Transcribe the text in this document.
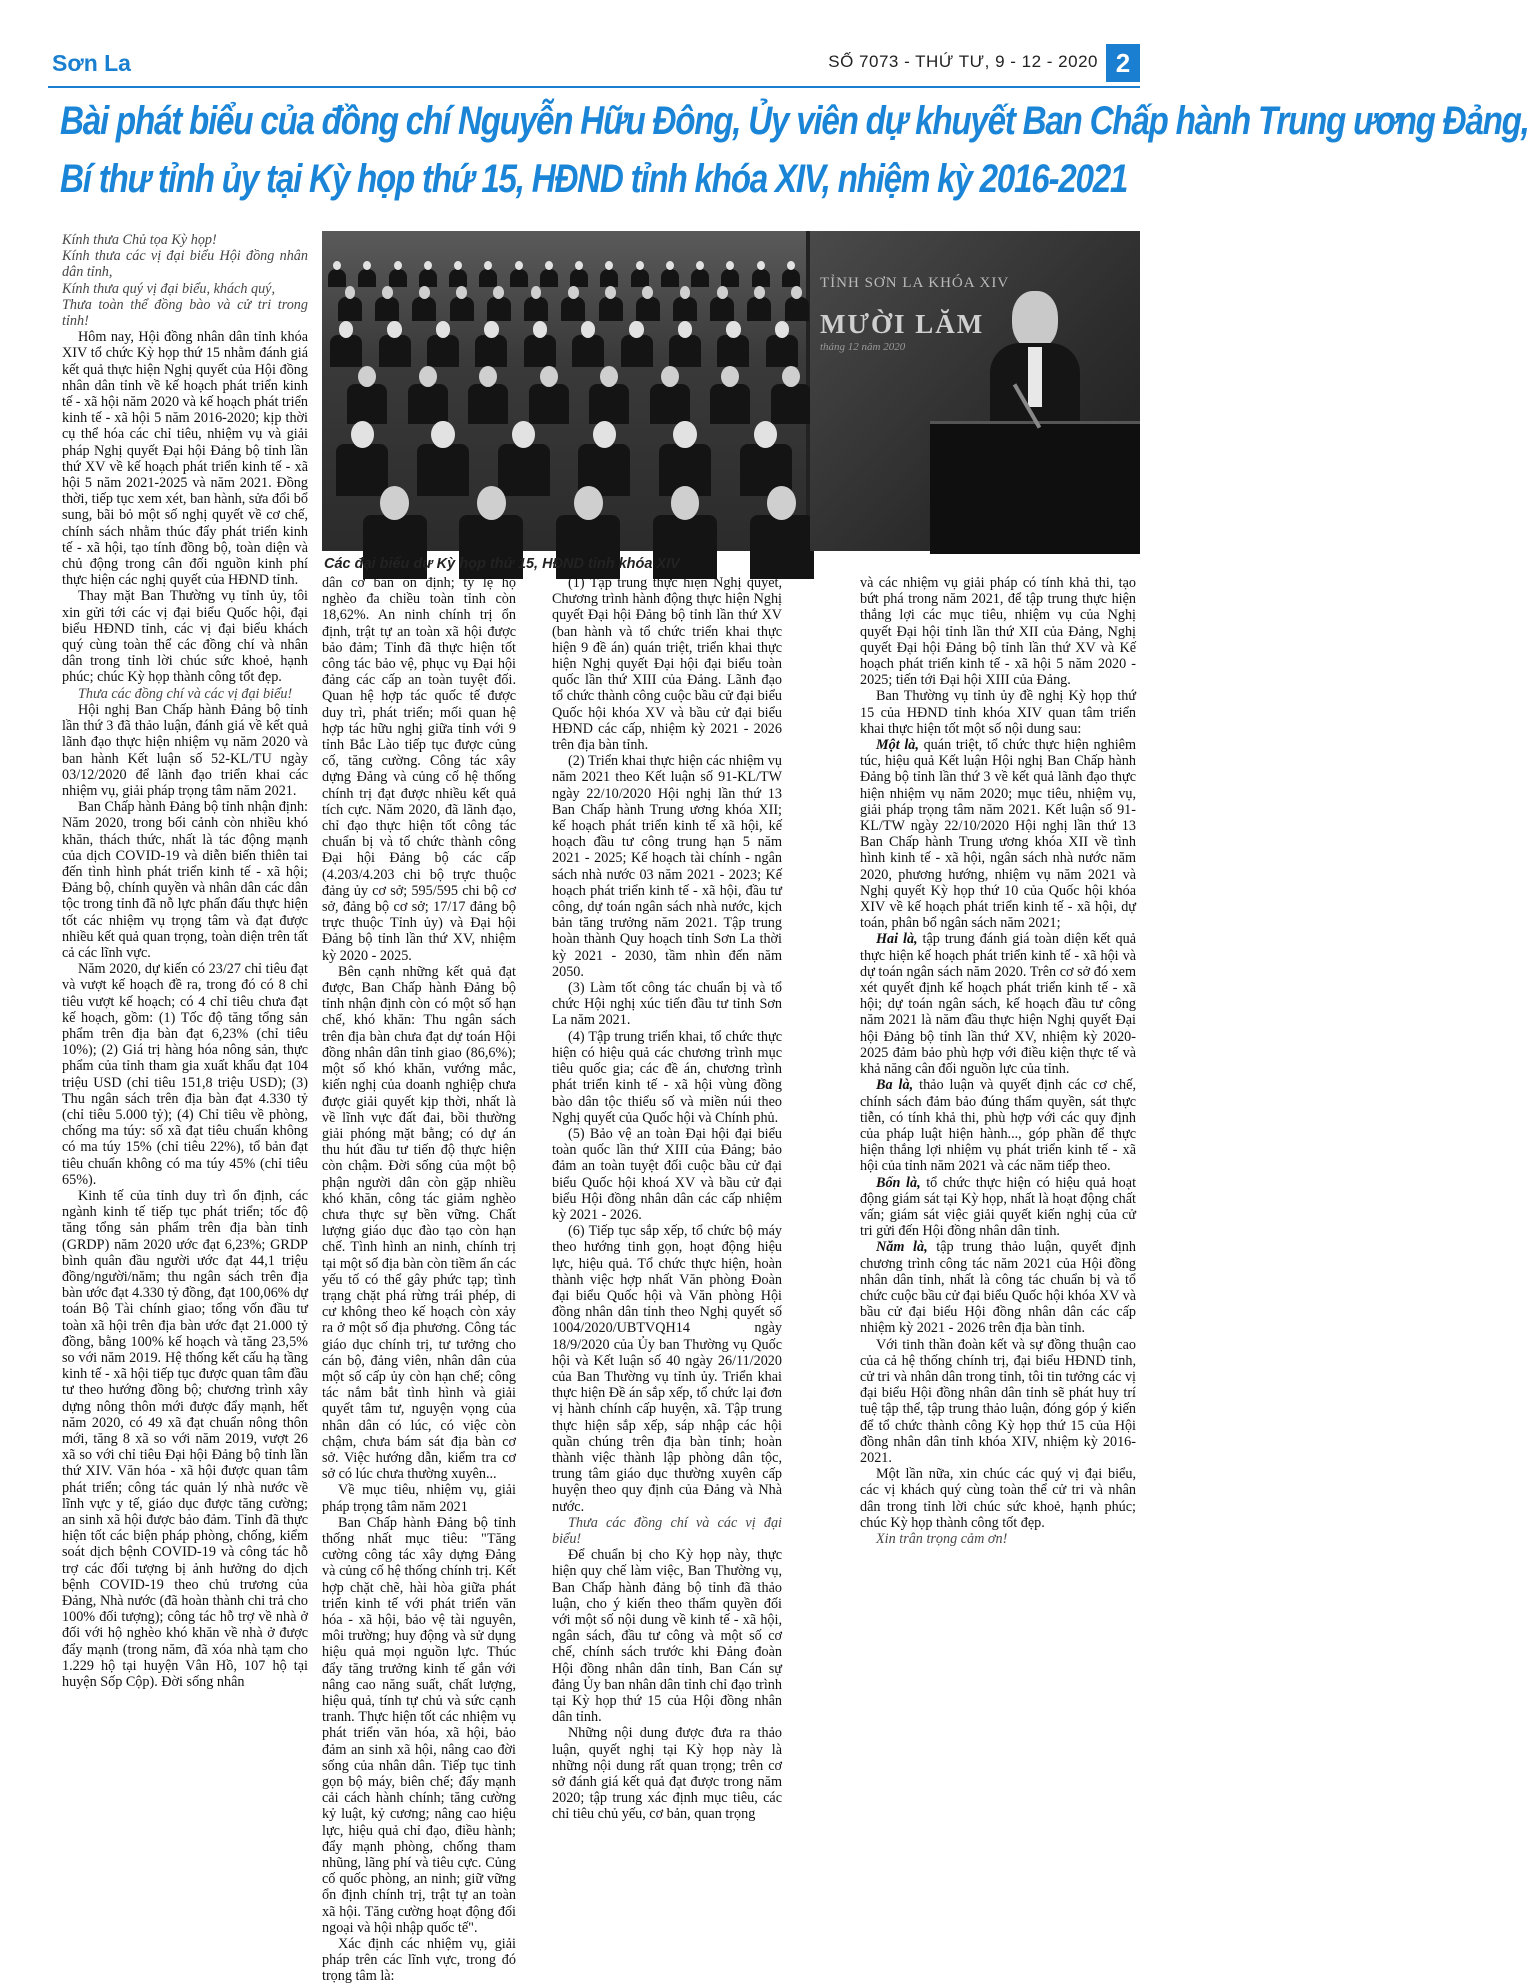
Sơn La	SỐ 7073 - THỨ TƯ, 9 - 12 - 2020 2
Bài phát biểu của đồng chí Nguyễn Hữu Đông, Ủy viên dự khuyết Ban Chấp hành Trung ương Đảng,
Bí thư tỉnh ủy tại Kỳ họp thứ 15, HĐND tỉnh khóa XIV, nhiệm kỳ 2016-2021
TỈNH SƠN LA KHÓA XIV
MƯỜI LĂM
tháng 12 năm 2020
Các đại biểu dự Kỳ họp thứ 15, HĐND tỉnh khóa XIV

Kính thưa Chủ tọa Kỳ họp!

Kính thưa các vị đại biểu Hội đồng nhân dân tỉnh,

Kính thưa quý vị đại biểu, khách quý,

Thưa toàn thể đồng bào và cử tri trong tỉnh!

Hôm nay, Hội đồng nhân dân tỉnh khóa XIV tổ chức Kỳ họp thứ 15 nhằm đánh giá kết quả thực hiện Nghị quyết của Hội đồng nhân dân tỉnh về kế hoạch phát triển kinh tế - xã hội năm 2020 và kế hoạch phát triển kinh tế - xã hội 5 năm 2016-2020; kịp thời cụ thể hóa các chỉ tiêu, nhiệm vụ và giải pháp Nghị quyết Đại hội Đảng bộ tỉnh lần thứ XV về kế hoạch phát triển kinh tế - xã hội 5 năm 2021-2025 và năm 2021. Đồng thời, tiếp tục xem xét, ban hành, sửa đổi bổ sung, bãi bỏ một số nghị quyết về cơ chế, chính sách nhằm thúc đẩy phát triển kinh tế - xã hội, tạo tính đồng bộ, toàn diện và chủ động trong cân đối nguồn kinh phí thực hiện các nghị quyết của HĐND tỉnh.

Thay mặt Ban Thường vụ tỉnh ủy, tôi xin gửi tới các vị đại biểu Quốc hội, đại biểu HĐND tỉnh, các vị đại biểu khách quý cùng toàn thể các đồng chí và nhân dân trong tỉnh lời chúc sức khoẻ, hạnh phúc; chúc Kỳ họp thành công tốt đẹp.

Thưa các đồng chí và các vị đại biểu!

Hội nghị Ban Chấp hành Đảng bộ tỉnh lần thứ 3 đã thảo luận, đánh giá về kết quả lãnh đạo thực hiện nhiệm vụ năm 2020 và ban hành Kết luận số 52-KL/TU ngày 03/12/2020 để lãnh đạo triển khai các nhiệm vụ, giải pháp trọng tâm năm 2021.

Ban Chấp hành Đảng bộ tỉnh nhận định: Năm 2020, trong bối cảnh còn nhiều khó khăn, thách thức, nhất là tác động mạnh của dịch COVID-19 và diễn biến thiên tai đến tình hình phát triển kinh tế - xã hội; Đảng bộ, chính quyền và nhân dân các dân tộc trong tỉnh đã nỗ lực phấn đấu thực hiện tốt các nhiệm vụ trọng tâm và đạt được nhiều kết quả quan trọng, toàn diện trên tất cả các lĩnh vực.

Năm 2020, dự kiến có 23/27 chỉ tiêu đạt và vượt kế hoạch đề ra, trong đó có 8 chỉ tiêu vượt kế hoạch; có 4 chỉ tiêu chưa đạt kế hoạch, gồm: (1) Tốc độ tăng tổng sản phẩm trên địa bàn đạt 6,23% (chỉ tiêu 10%); (2) Giá trị hàng hóa nông sản, thực phẩm của tỉnh tham gia xuất khẩu đạt 104 triệu USD (chỉ tiêu 151,8 triệu USD); (3) Thu ngân sách trên địa bàn đạt 4.330 tỷ (chỉ tiêu 5.000 tỷ); (4) Chỉ tiêu về phòng, chống ma túy: số xã đạt tiêu chuẩn không có ma túy 15% (chỉ tiêu 22%), tổ bản đạt tiêu chuẩn không có ma túy 45% (chỉ tiêu 65%).

Kinh tế của tỉnh duy trì ổn định, các ngành kinh tế tiếp tục phát triển; tốc độ tăng tổng sản phẩm trên địa bàn tỉnh (GRDP) năm 2020 ước đạt 6,23%; GRDP bình quân đầu người ước đạt 44,1 triệu đồng/người/năm; thu ngân sách trên địa bàn ước đạt 4.330 tỷ đồng, đạt 100,06% dự toán Bộ Tài chính giao; tổng vốn đầu tư toàn xã hội trên địa bàn ước đạt 21.000 tỷ đồng, bằng 100% kế hoạch và tăng 23,5% so với năm 2019. Hệ thống kết cấu hạ tầng kinh tế - xã hội tiếp tục được quan tâm đầu tư theo hướng đồng bộ; chương trình xây dựng nông thôn mới được đẩy mạnh, hết năm 2020, có 49 xã đạt chuẩn nông thôn mới, tăng 8 xã so với năm 2019, vượt 26 xã so với chỉ tiêu Đại hội Đảng bộ tỉnh lần thứ XIV. Văn hóa - xã hội được quan tâm phát triển; công tác quản lý nhà nước về lĩnh vực y tế, giáo dục được tăng cường; an sinh xã hội được bảo đảm. Tỉnh đã thực hiện tốt các biện pháp phòng, chống, kiểm soát dịch bệnh COVID-19 và công tác hỗ trợ các đối tượng bị ảnh hưởng do dịch bệnh COVID-19 theo chủ trương của Đảng, Nhà nước (đã hoàn thành chi trả cho 100% đối tượng); công tác hỗ trợ về nhà ở đối với hộ nghèo khó khăn về nhà ở được đẩy mạnh (trong năm, đã xóa nhà tạm cho 1.229 hộ tại huyện Vân Hồ, 107 hộ tại huyện Sốp Cộp). Đời sống nhân

dân cơ bản ổn định; tỷ lệ hộ nghèo đa chiều toàn tỉnh còn 18,62%. An ninh chính trị ổn định, trật tự an toàn xã hội được bảo đảm; Tỉnh đã thực hiện tốt công tác bảo vệ, phục vụ Đại hội đảng các cấp an toàn tuyệt đối. Quan hệ hợp tác quốc tế được duy trì, phát triển; mối quan hệ hợp tác hữu nghị giữa tỉnh với 9 tỉnh Bắc Lào tiếp tục được củng cố, tăng cường. Công tác xây dựng Đảng và củng cố hệ thống chính trị đạt được nhiều kết quả tích cực. Năm 2020, đã lãnh đạo, chỉ đạo thực hiện tốt công tác chuẩn bị và tổ chức thành công Đại hội Đảng bộ các cấp (4.203/4.203 chi bộ trực thuộc đảng ủy cơ sở; 595/595 chi bộ cơ sở, đảng bộ cơ sở; 17/17 đảng bộ trực thuộc Tỉnh ủy) và Đại hội Đảng bộ tỉnh lần thứ XV, nhiệm kỳ 2020 - 2025.

Bên cạnh những kết quả đạt được, Ban Chấp hành Đảng bộ tỉnh nhận định còn có một số hạn chế, khó khăn: Thu ngân sách trên địa bàn chưa đạt dự toán Hội đồng nhân dân tỉnh giao (86,6%); một số khó khăn, vướng mắc, kiến nghị của doanh nghiệp chưa được giải quyết kịp thời, nhất là về lĩnh vực đất đai, bồi thường giải phóng mặt bằng; có dự án thu hút đầu tư tiến độ thực hiện còn chậm. Đời sống của một bộ phận người dân còn gặp nhiều khó khăn, công tác giảm nghèo chưa thực sự bền vững. Chất lượng giáo dục đào tạo còn hạn chế. Tình hình an ninh, chính trị tại một số địa bàn còn tiềm ẩn các yếu tố có thể gây phức tạp; tình trạng chặt phá rừng trái phép, di cư không theo kế hoạch còn xảy ra ở một số địa phương. Công tác giáo dục chính trị, tư tưởng cho cán bộ, đảng viên, nhân dân của một số cấp ủy còn hạn chế; công tác nắm bắt tình hình và giải quyết tâm tư, nguyện vọng của nhân dân có lúc, có việc còn chậm, chưa bám sát địa bàn cơ sở. Việc hướng dẫn, kiểm tra cơ sở có lúc chưa thường xuyên...

Về mục tiêu, nhiệm vụ, giải pháp trọng tâm năm 2021

Ban Chấp hành Đảng bộ tỉnh thống nhất mục tiêu: "Tăng cường công tác xây dựng Đảng và củng cố hệ thống chính trị. Kết hợp chặt chẽ, hài hòa giữa phát triển kinh tế với phát triển văn hóa - xã hội, bảo vệ tài nguyên, môi trường; huy động và sử dụng hiệu quả mọi nguồn lực. Thúc đẩy tăng trưởng kinh tế gắn với nâng cao năng suất, chất lượng, hiệu quả, tính tự chủ và sức cạnh tranh. Thực hiện tốt các nhiệm vụ phát triển văn hóa, xã hội, bảo đảm an sinh xã hội, nâng cao đời sống của nhân dân. Tiếp tục tinh gọn bộ máy, biên chế; đẩy mạnh cải cách hành chính; tăng cường kỷ luật, kỷ cương; nâng cao hiệu lực, hiệu quả chỉ đạo, điều hành; đẩy mạnh phòng, chống tham nhũng, lãng phí và tiêu cực. Củng cố quốc phòng, an ninh; giữ vững ổn định chính trị, trật tự an toàn xã hội. Tăng cường hoạt động đối ngoại và hội nhập quốc tế".

Xác định các nhiệm vụ, giải pháp trên các lĩnh vực, trong đó trọng tâm là:

(1) Tập trung thực hiện Nghị quyết, Chương trình hành động thực hiện Nghị quyết Đại hội Đảng bộ tỉnh lần thứ XV (ban hành và tổ chức triển khai thực hiện 9 đề án) quán triệt, triển khai thực hiện Nghị quyết Đại hội đại biểu toàn quốc lần thứ XIII của Đảng. Lãnh đạo tổ chức thành công cuộc bầu cử đại biểu Quốc hội khóa XV và bầu cử đại biểu HĐND các cấp, nhiệm kỳ 2021 - 2026 trên địa bàn tỉnh.

(2) Triển khai thực hiện các nhiệm vụ năm 2021 theo Kết luận số 91-KL/TW ngày 22/10/2020 Hội nghị lần thứ 13 Ban Chấp hành Trung ương khóa XII; kế hoạch phát triển kinh tế xã hội, kế hoạch đầu tư công trung hạn 5 năm 2021 - 2025; Kế hoạch tài chính - ngân sách nhà nước 03 năm 2021 - 2023; Kế hoạch phát triển kinh tế - xã hội, đầu tư công, dự toán ngân sách nhà nước, kịch bản tăng trưởng năm 2021. Tập trung hoàn thành Quy hoạch tỉnh Sơn La thời kỳ 2021 - 2030, tầm nhìn đến năm 2050.

(3) Làm tốt công tác chuẩn bị và tổ chức Hội nghị xúc tiến đầu tư tỉnh Sơn La năm 2021.

(4) Tập trung triển khai, tổ chức thực hiện có hiệu quả các chương trình mục tiêu quốc gia; các đề án, chương trình phát triển kinh tế - xã hội vùng đồng bào dân tộc thiểu số và miền núi theo Nghị quyết của Quốc hội và Chính phủ.

(5) Bảo vệ an toàn Đại hội đại biểu toàn quốc lần thứ XIII của Đảng; bảo đảm an toàn tuyệt đối cuộc bầu cử đại biểu Quốc hội khoá XV và bầu cử đại biểu Hội đồng nhân dân các cấp nhiệm kỳ 2021 - 2026.

(6) Tiếp tục sắp xếp, tổ chức bộ máy theo hướng tinh gọn, hoạt động hiệu lực, hiệu quả. Tổ chức thực hiện, hoàn thành việc hợp nhất Văn phòng Đoàn đại biểu Quốc hội và Văn phòng Hội đồng nhân dân tỉnh theo Nghị quyết số 1004/2020/UBTVQH14 ngày 18/9/2020 của Ủy ban Thường vụ Quốc hội và Kết luận số 40 ngày 26/11/2020 của Ban Thường vụ tỉnh ủy. Triển khai thực hiện Đề án sắp xếp, tổ chức lại đơn vị hành chính cấp huyện, xã. Tập trung thực hiện sắp xếp, sáp nhập các hội quần chúng trên địa bàn tỉnh; hoàn thành việc thành lập phòng dân tộc, trung tâm giáo dục thường xuyên cấp huyện theo quy định của Đảng và Nhà nước.

Thưa các đồng chí và các vị đại biểu!

Để chuẩn bị cho Kỳ họp này, thực hiện quy chế làm việc, Ban Thường vụ, Ban Chấp hành đảng bộ tỉnh đã thảo luận, cho ý kiến theo thẩm quyền đối với một số nội dung về kinh tế - xã hội, ngân sách, đầu tư công và một số cơ chế, chính sách trước khi Đảng đoàn Hội đồng nhân dân tỉnh, Ban Cán sự đảng Ủy ban nhân dân tỉnh chỉ đạo trình tại Kỳ họp thứ 15 của Hội đồng nhân dân tỉnh.

Những nội dung được đưa ra thảo luận, quyết nghị tại Kỳ họp này là những nội dung rất quan trọng; trên cơ sở đánh giá kết quả đạt được trong năm 2020; tập trung xác định mục tiêu, các chỉ tiêu chủ yếu, cơ bản, quan trọng

và các nhiệm vụ giải pháp có tính khả thi, tạo bứt phá trong năm 2021, để tập trung thực hiện thắng lợi các mục tiêu, nhiệm vụ của Nghị quyết Đại hội tỉnh lần thứ XII của Đảng, Nghị quyết Đại hội Đảng bộ tỉnh lần thứ XV và Kế hoạch phát triển kinh tế - xã hội 5 năm 2020 - 2025; tiến tới Đại hội XIII của Đảng.

Ban Thường vụ tỉnh ủy đề nghị Kỳ họp thứ 15 của HĐND tỉnh khóa XIV quan tâm triển khai thực hiện tốt một số nội dung sau:

Một là, quán triệt, tổ chức thực hiện nghiêm túc, hiệu quả Kết luận Hội nghị Ban Chấp hành Đảng bộ tỉnh lần thứ 3 về kết quả lãnh đạo thực hiện nhiệm vụ năm 2020; mục tiêu, nhiệm vụ, giải pháp trọng tâm năm 2021. Kết luận số 91-KL/TW ngày 22/10/2020 Hội nghị lần thứ 13 Ban Chấp hành Trung ương khóa XII về tình hình kinh tế - xã hội, ngân sách nhà nước năm 2020, phương hướng, nhiệm vụ năm 2021 và Nghị quyết Kỳ họp thứ 10 của Quốc hội khóa XIV về kế hoạch phát triển kinh tế - xã hội, dự toán, phân bổ ngân sách năm 2021;

Hai là, tập trung đánh giá toàn diện kết quả thực hiện kế hoạch phát triển kinh tế - xã hội và dự toán ngân sách năm 2020. Trên cơ sở đó xem xét quyết định kế hoạch phát triển kinh tế - xã hội; dự toán ngân sách, kế hoạch đầu tư công năm 2021 là năm đầu thực hiện Nghị quyết Đại hội Đảng bộ tỉnh lần thứ XV, nhiệm kỳ 2020-2025 đảm bảo phù hợp với điều kiện thực tế và khả năng cân đối nguồn lực của tỉnh.

Ba là, thảo luận và quyết định các cơ chế, chính sách đảm bảo đúng thẩm quyền, sát thực tiễn, có tính khả thi, phù hợp với các quy định của pháp luật hiện hành..., góp phần để thực hiện thắng lợi nhiệm vụ phát triển kinh tế - xã hội của tỉnh năm 2021 và các năm tiếp theo.

Bốn là, tổ chức thực hiện có hiệu quả hoạt động giám sát tại Kỳ họp, nhất là hoạt động chất vấn; giám sát việc giải quyết kiến nghị của cử tri gửi đến Hội đồng nhân dân tỉnh.

Năm là, tập trung thảo luận, quyết định chương trình công tác năm 2021 của Hội đồng nhân dân tỉnh, nhất là công tác chuẩn bị và tổ chức cuộc bầu cử đại biểu Quốc hội khóa XV và bầu cử đại biểu Hội đồng nhân dân các cấp nhiệm kỳ 2021 - 2026 trên địa bàn tỉnh.

Với tinh thần đoàn kết và sự đồng thuận cao của cả hệ thống chính trị, đại biểu HĐND tỉnh, cử tri và nhân dân trong tỉnh, tôi tin tưởng các vị đại biểu Hội đồng nhân dân tỉnh sẽ phát huy trí tuệ tập thể, tập trung thảo luận, đóng góp ý kiến để tổ chức thành công Kỳ họp thứ 15 của Hội đồng nhân dân tỉnh khóa XIV, nhiệm kỳ 2016-2021.

Một lần nữa, xin chúc các quý vị đại biểu, các vị khách quý cùng toàn thể cử tri và nhân dân trong tỉnh lời chúc sức khoẻ, hạnh phúc; chúc Kỳ họp thành công tốt đẹp.

Xin trân trọng cảm ơn!
